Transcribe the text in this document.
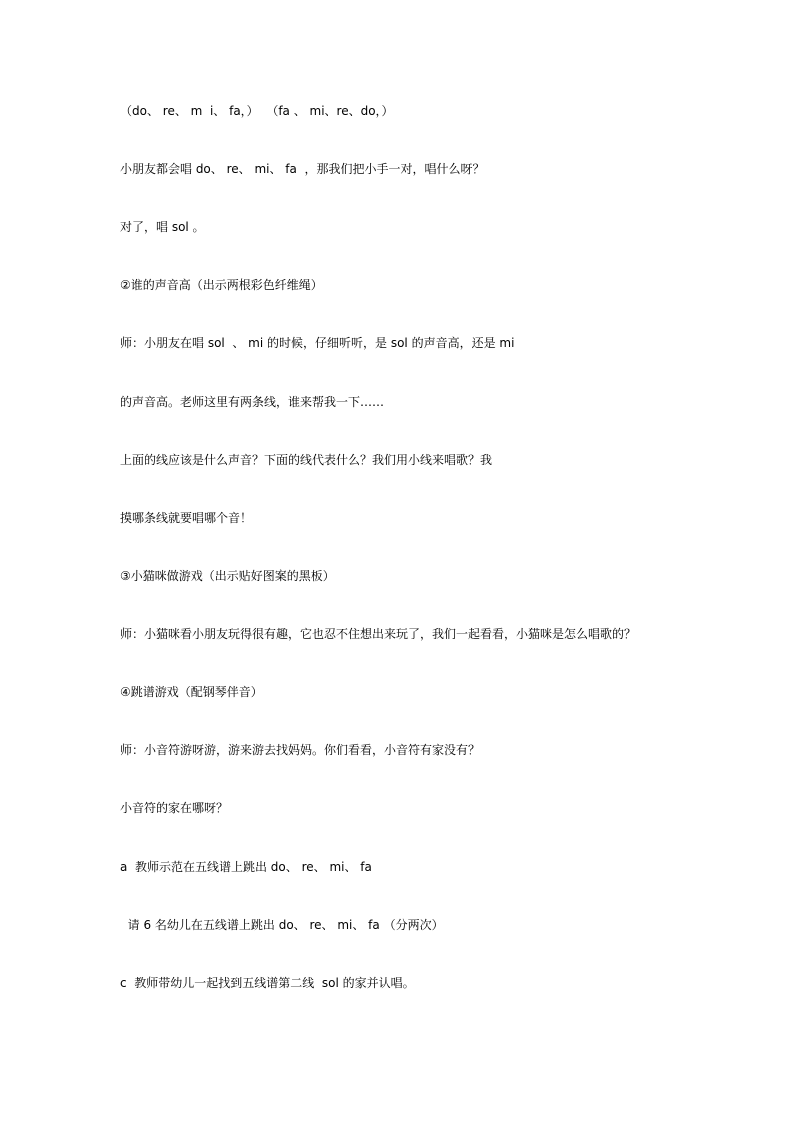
（do、 re、 m  i、 fa，）  （fa 、 mi、re、do，）

小朋友都会唱 do、 re、 mi、 fa  ，那我们把小手一对，唱什么呀？

对了，唱 sol 。

②谁的声音高（出示两根彩色纤维绳）

师：小朋友在唱 sol  、 mi 的时候，仔细听听，是 sol 的声音高，还是 mi

的声音高。老师这里有两条线，谁来帮我一下……

上面的线应该是什么声音？下面的线代表什么？我们用小线来唱歌？我

摸哪条线就要唱哪个音！

③小猫咪做游戏（出示贴好图案的黑板）

师：小猫咪看小朋友玩得很有趣，它也忍不住想出来玩了，我们一起看看，小猫咪是怎么唱歌的？

④跳谱游戏（配钢琴伴音）

师：小音符游呀游，游来游去找妈妈。你们看看，小音符有家没有？

小音符的家在哪呀？

a  教师示范在五线谱上跳出 do、 re、 mi、 fa

请 6 名幼儿在五线谱上跳出 do、 re、 mi、 fa （分两次）

c  教师带幼儿一起找到五线谱第二线  sol 的家并认唱。
